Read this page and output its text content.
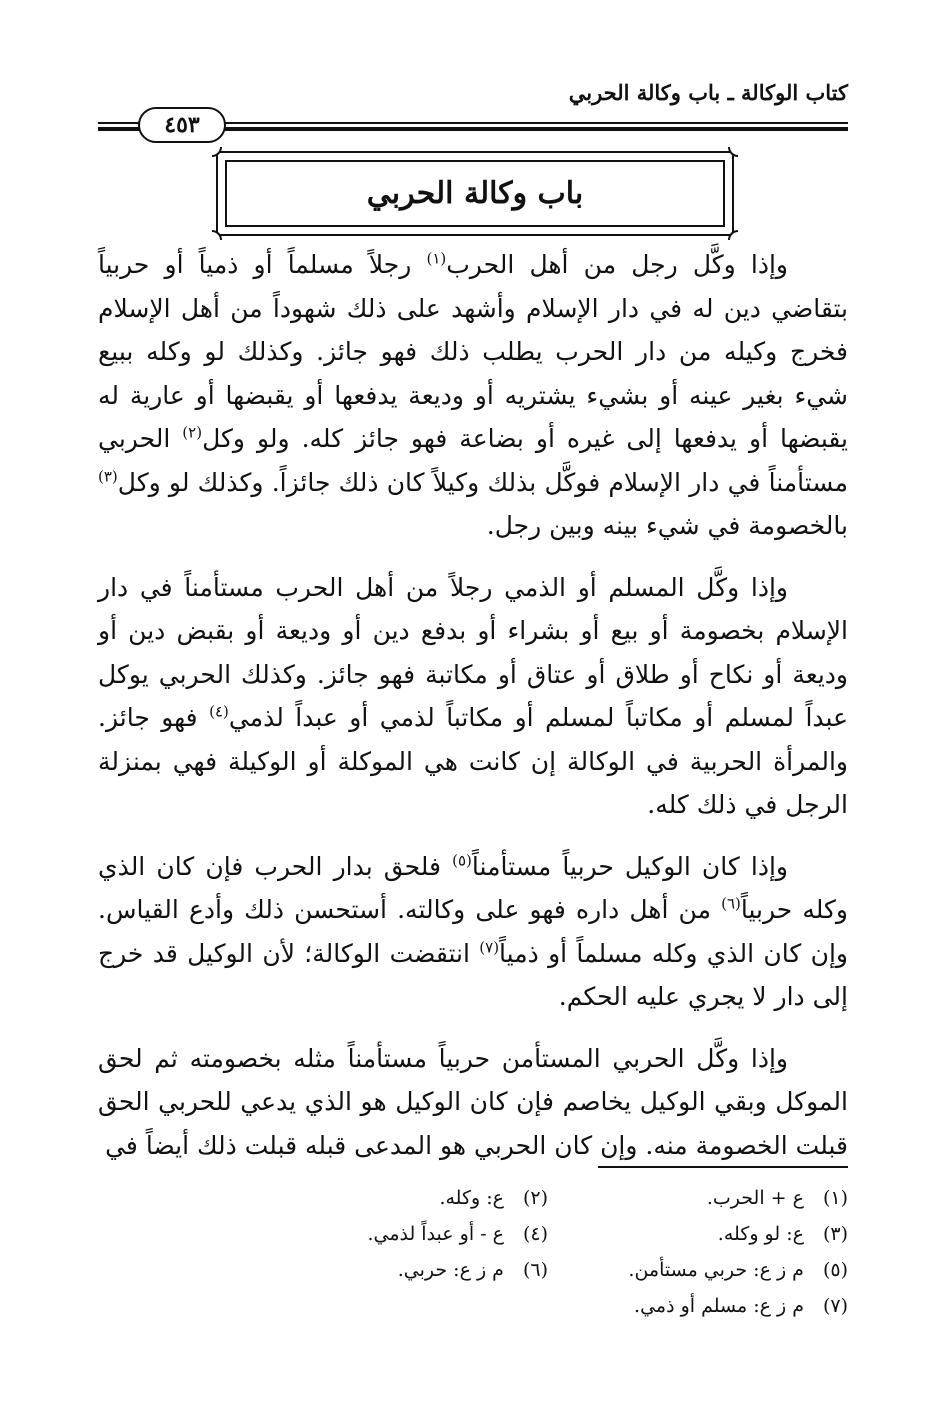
كتاب الوكالة ـ باب وكالة الحربي
٤٥٣
باب وكالة الحربي

وإذا وكَّل رجل من أهل الحرب$^{(١)}$ رجلاً مسلماً أو ذمياً أو حربياً بتقاضي دين له في دار الإسلام وأشهد على ذلك شهوداً من أهل الإسلام فخرج وكيله من دار الحرب يطلب ذلك فهو جائز. وكذلك لو وكله ببيع شيء بغير عينه أو بشيء يشتريه أو وديعة يدفعها أو يقبضها أو عارية له يقبضها أو يدفعها إلى غيره أو بضاعة فهو جائز كله. ولو وكل$^{(٢)}$ الحربي مستأمناً في دار الإسلام فوكَّل بذلك وكيلاً كان ذلك جائزاً. وكذلك لو وكل$^{(٣)}$ بالخصومة في شيء بينه وبين رجل.

وإذا وكَّل المسلم أو الذمي رجلاً من أهل الحرب مستأمناً في دار الإسلام بخصومة أو بيع أو بشراء أو بدفع دين أو وديعة أو بقبض دين أو وديعة أو نكاح أو طلاق أو عتاق أو مكاتبة فهو جائز. وكذلك الحربي يوكل عبداً لمسلم أو مكاتباً لمسلم أو مكاتباً لذمي أو عبداً لذمي$^{(٤)}$ فهو جائز. والمرأة الحربية في الوكالة إن كانت هي الموكلة أو الوكيلة فهي بمنزلة الرجل في ذلك كله.

وإذا كان الوكيل حربياً مستأمناً$^{(٥)}$ فلحق بدار الحرب فإن كان الذي وكله حربياً$^{(٦)}$ من أهل داره فهو على وكالته. أستحسن ذلك وأدع القياس. وإن كان الذي وكله مسلماً أو ذمياً$^{(٧)}$ انتقضت الوكالة؛ لأن الوكيل قد خرج إلى دار لا يجري عليه الحكم.

وإذا وكَّل الحربي المستأمن حربياً مستأمناً مثله بخصومته ثم لحق الموكل وبقي الوكيل يخاصم فإن كان الوكيل هو الذي يدعي للحربي الحق قبلت الخصومة منه. وإن كان الحربي هو المدعى قبله قبلت ذلك أيضاً في

(١) ع + الحرب.
(٢) ع: وكله.
(٣) ع: لو وكله.
(٤) ع - أو عبداً لذمي.
(٥) م ز ع: حربي مستأمن.
(٦) م ز ع: حربي.
(٧) م ز ع: مسلم أو ذمي.
